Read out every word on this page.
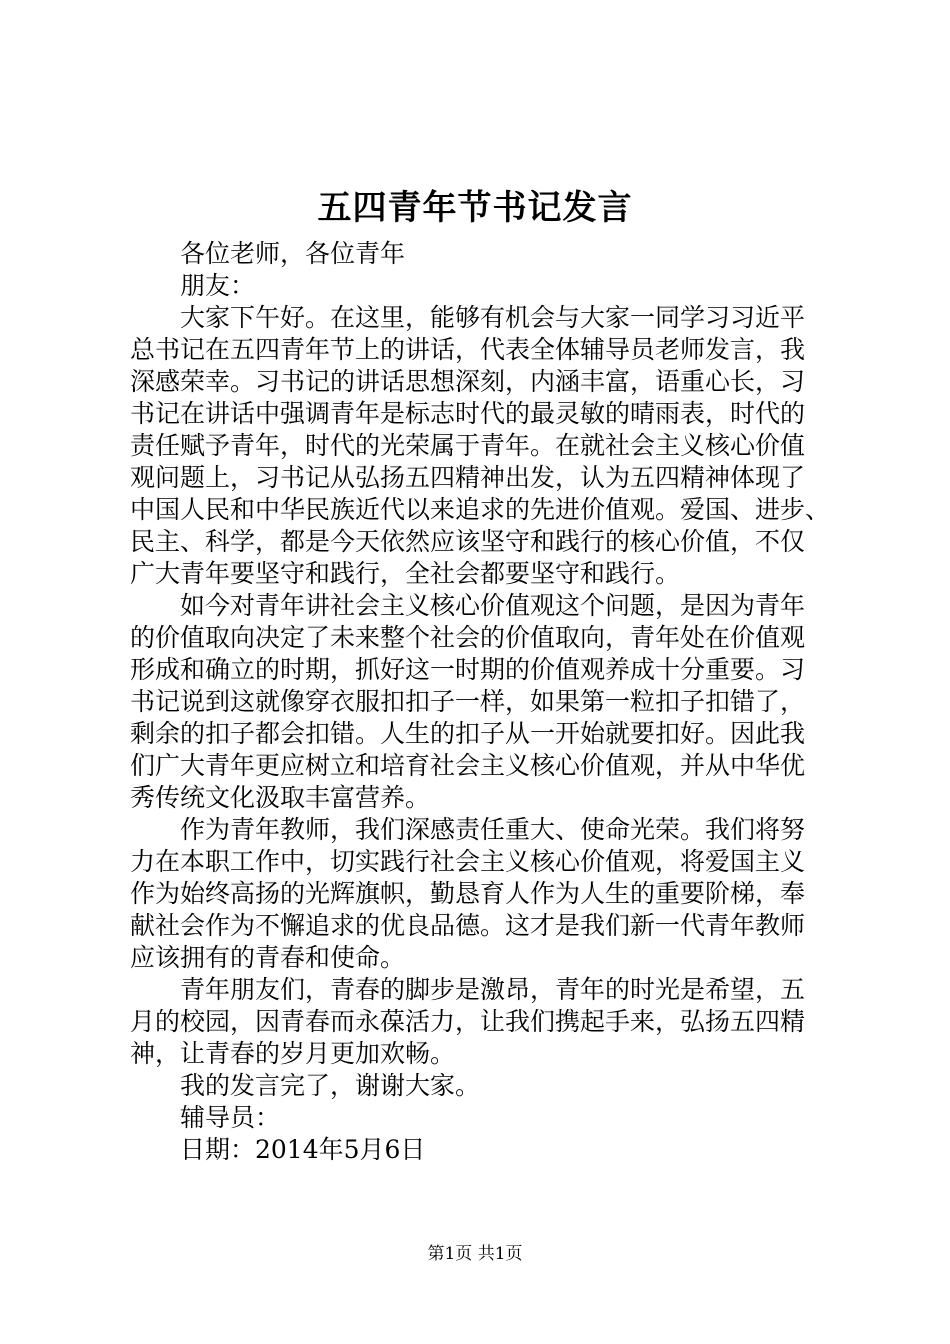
五四青年节书记发言
　　各位老师，各位青年
　　朋友：
　　大家下午好。在这里，能够有机会与大家一同学习习近平
总书记在五四青年节上的讲话，代表全体辅导员老师发言，我
深感荣幸。习书记的讲话思想深刻，内涵丰富，语重心长，习
书记在讲话中强调青年是标志时代的最灵敏的晴雨表，时代的
责任赋予青年，时代的光荣属于青年。在就社会主义核心价值
观问题上，习书记从弘扬五四精神出发，认为五四精神体现了
中国人民和中华民族近代以来追求的先进价值观。爱国、进步、
民主、科学，都是今天依然应该坚守和践行的核心价值，不仅
广大青年要坚守和践行，全社会都要坚守和践行。
　　如今对青年讲社会主义核心价值观这个问题，是因为青年
的价值取向决定了未来整个社会的价值取向，青年处在价值观
形成和确立的时期，抓好这一时期的价值观养成十分重要。习
书记说到这就像穿衣服扣扣子一样，如果第一粒扣子扣错了，
剩余的扣子都会扣错。人生的扣子从一开始就要扣好。因此我
们广大青年更应树立和培育社会主义核心价值观，并从中华优
秀传统文化汲取丰富营养。
　　作为青年教师，我们深感责任重大、使命光荣。我们将努
力在本职工作中，切实践行社会主义核心价值观，将爱国主义
作为始终高扬的光辉旗帜，勤恳育人作为人生的重要阶梯，奉
献社会作为不懈追求的优良品德。这才是我们新一代青年教师
应该拥有的青春和使命。
　　青年朋友们，青春的脚步是激昂，青年的时光是希望，五
月的校园，因青春而永葆活力，让我们携起手来，弘扬五四精
神，让青春的岁月更加欢畅。
　　我的发言完了，谢谢大家。
　　辅导员：
　　日期：2014年5月6日
第1页 共1页
